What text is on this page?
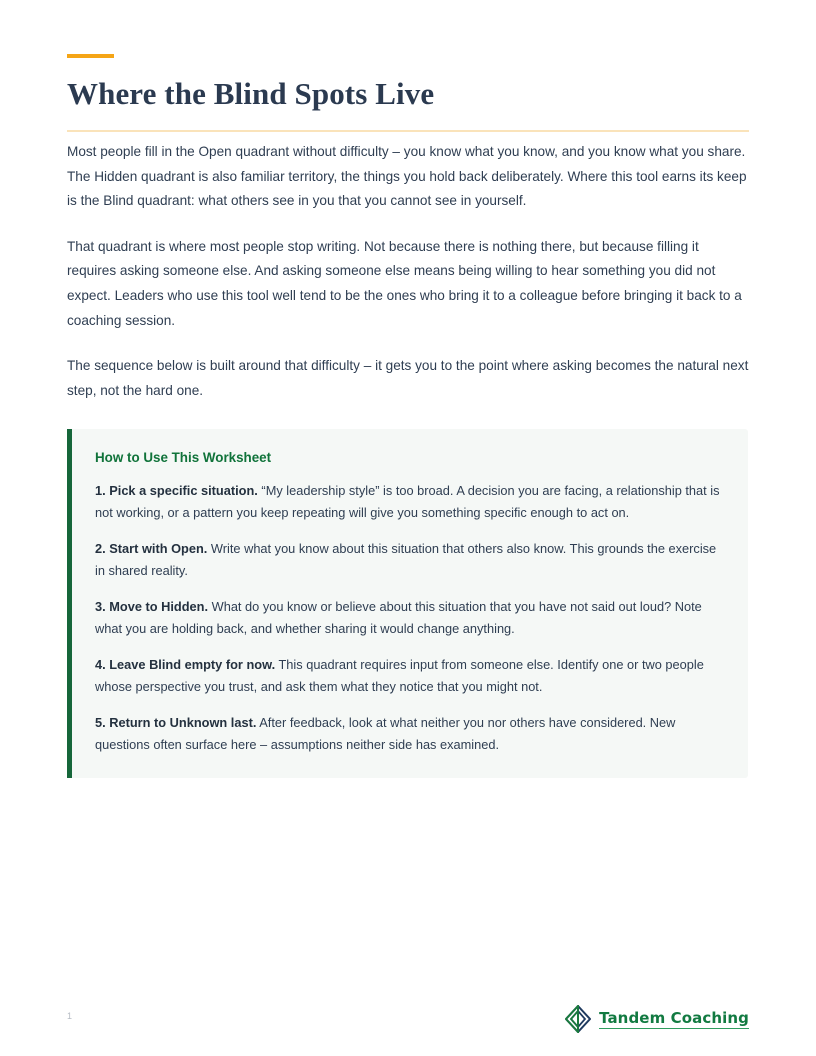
Where the Blind Spots Live

Most people fill in the Open quadrant without difficulty – you know what you know, and you know what you share. The Hidden quadrant is also familiar territory, the things you hold back deliberately. Where this tool earns its keep is the Blind quadrant: what others see in you that you cannot see in yourself.

That quadrant is where most people stop writing. Not because there is nothing there, but because filling it requires asking someone else. And asking someone else means being willing to hear something you did not expect. Leaders who use this tool well tend to be the ones who bring it to a colleague before bringing it back to a coaching session.

The sequence below is built around that difficulty – it gets you to the point where asking becomes the natural next step, not the hard one.

How to Use This Worksheet

1. Pick a specific situation. “My leadership style” is too broad. A decision you are facing, a relationship that is not working, or a pattern you keep repeating will give you something specific enough to act on.

2. Start with Open. Write what you know about this situation that others also know. This grounds the exercise in shared reality.

3. Move to Hidden. What do you know or believe about this situation that you have not said out loud? Note what you are holding back, and whether sharing it would change anything.

4. Leave Blind empty for now. This quadrant requires input from someone else. Identify one or two people whose perspective you trust, and ask them what they notice that you might not.

5. Return to Unknown last. After feedback, look at what neither you nor others have considered. New questions often surface here – assumptions neither side has examined.

1	Tandem Coaching
